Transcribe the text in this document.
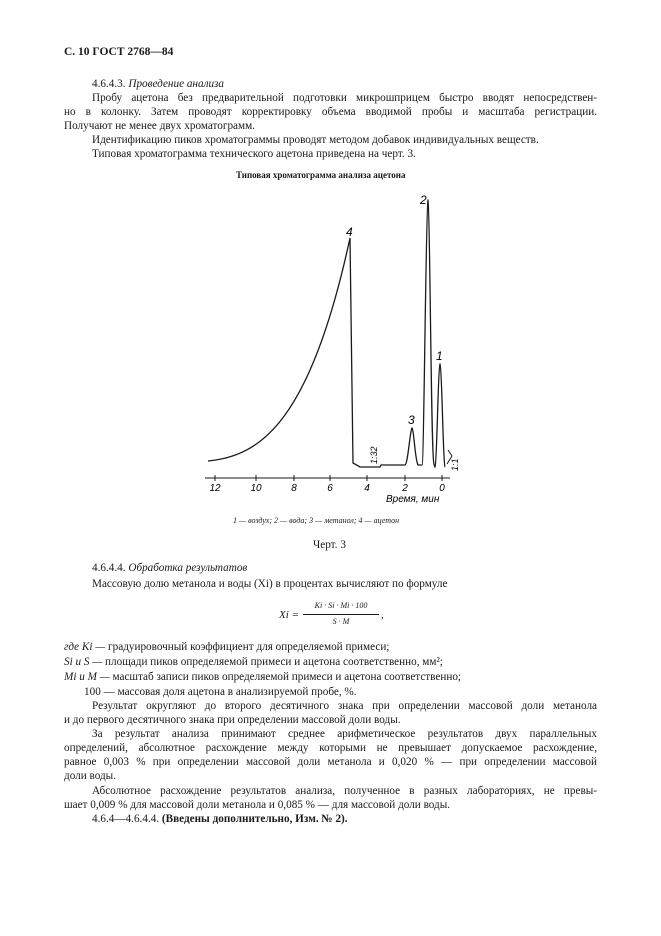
С. 10 ГОСТ 2768—84
4.6.4.3. Проведение анализа
Пробу ацетона без предварительной подготовки микрошприцем быстро вводят непосредствен-
но в колонку. Затем проводят корректировку объема вводимой пробы и масштаба регистрации.
Получают не менее двух хроматограмм.
Идентификацию пиков хроматограммы проводят методом добавок индивидуальных веществ.
Типовая хроматограмма технического ацетона приведена на черт. 3.
Типовая хроматограмма анализа ацетона
4
2
3
1
1:32
1:1
12	10	8	6	4	2	0
Время, мин
1 — воздух; 2 — вода; 3 — метанол; 4 — ацетон
Черт. 3
4.6.4.4. Обработка результатов
Массовую долю метанола и воды (Xi) в процентах вычисляют по формуле
Xi =
Ki · Si · Mi · 100
S · M
,
где Ki — градуировочный коэффициент для определяемой примеси;
Si и S — площади пиков определяемой примеси и ацетона соответственно, мм²;
Mi и M — масштаб записи пиков определяемой примеси и ацетона соответственно;
100 — массовая доля ацетона в анализируемой пробе, %.
Результат округляют до второго десятичного знака при определении массовой доли метанола
и до первого десятичного знака при определении массовой доли воды.
За результат анализа принимают среднее арифметическое результатов двух параллельных
определений, абсолютное расхождение между которыми не превышает допускаемое расхождение,
равное 0,003 % при определении массовой доли метанола и 0,020 % — при определении массовой
доли воды.
Абсолютное расхождение результатов анализа, полученное в разных лабораториях, не превы-
шает 0,009 % для массовой доли метанола и 0,085 % — для массовой доли воды.
4.6.4—4.6.4.4. (Введены дополнительно, Изм. № 2).
